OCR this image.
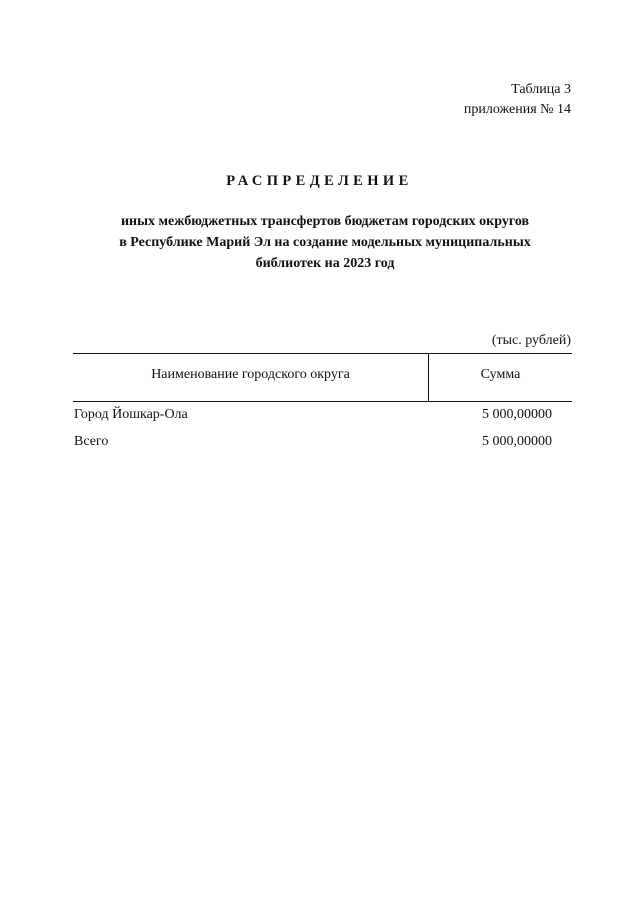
Таблица 3
приложения № 14
РАСПРЕДЕЛЕНИЕ
иных межбюджетных трансфертов бюджетам городских округов
в Республике Марий Эл на создание модельных муниципальных
библиотек на 2023 год
(тыс. рублей)
Наименование городского округа	Сумма
Город Йошкар-Ола	5 000,00000
Всего	5 000,00000
